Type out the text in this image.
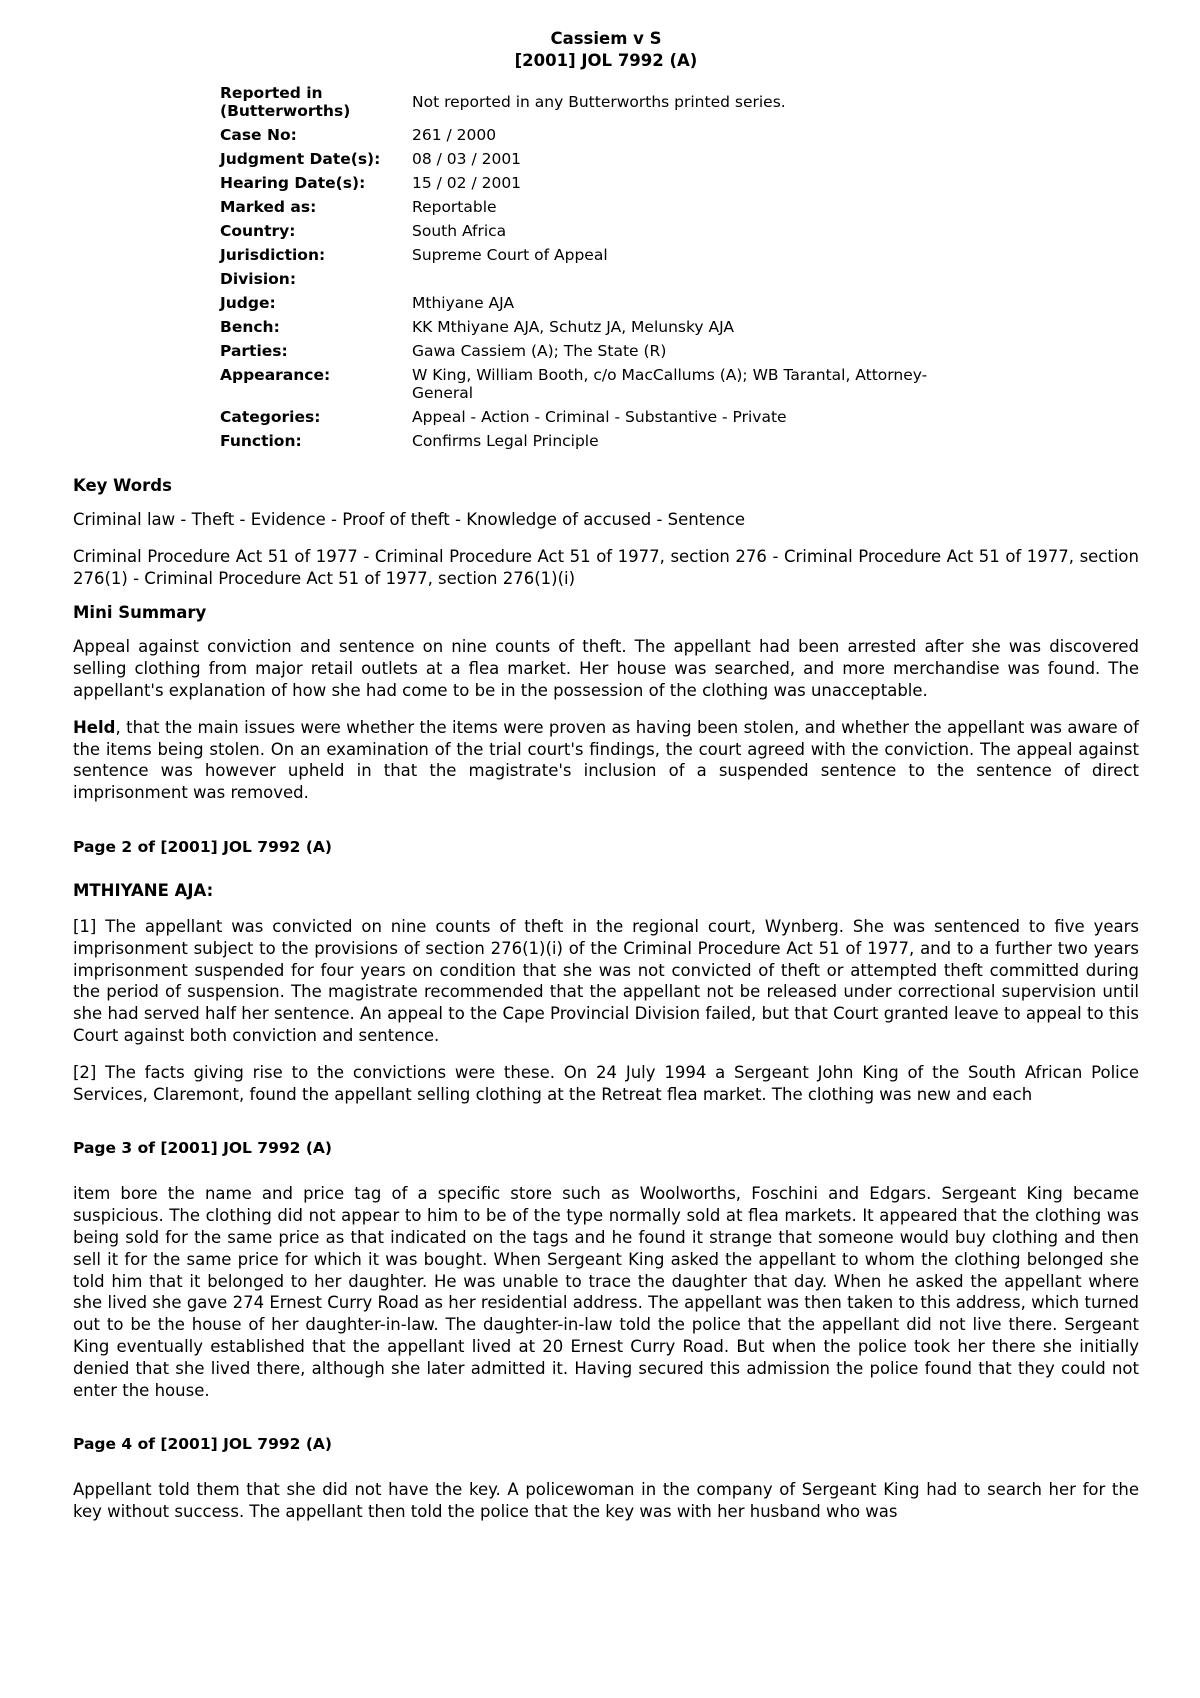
Cassiem v S
[2001] JOL 7992 (A)
Reported in (Butterworths)	Not reported in any Butterworths printed series.
Case No:	261 / 2000
Judgment Date(s):	08 / 03 / 2001
Hearing Date(s):	15 / 02 / 2001
Marked as:	Reportable
Country:	South Africa
Jurisdiction:	Supreme Court of Appeal
Division:	
Judge:	Mthiyane AJA
Bench:	KK Mthiyane AJA, Schutz JA, Melunsky AJA
Parties:	Gawa Cassiem (A); The State (R)
Appearance:	W King, William Booth, c/o MacCallums (A); WB Tarantal, Attorney-General
Categories:	Appeal - Action - Criminal - Substantive - Private
Function:	Confirms Legal Principle
Key Words

Criminal law - Theft - Evidence - Proof of theft - Knowledge of accused - Sentence

Criminal Procedure Act 51 of 1977 - Criminal Procedure Act 51 of 1977, section 276 - Criminal Procedure Act 51 of 1977, section 276(1) - Criminal Procedure Act 51 of 1977, section 276(1)(i)

Mini Summary

Appeal against conviction and sentence on nine counts of theft. The appellant had been arrested after she was discovered selling clothing from major retail outlets at a flea market. Her house was searched, and more merchandise was found. The appellant's explanation of how she had come to be in the possession of the clothing was unacceptable.

Held, that the main issues were whether the items were proven as having been stolen, and whether the appellant was aware of the items being stolen. On an examination of the trial court's findings, the court agreed with the conviction. The appeal against sentence was however upheld in that the magistrate's inclusion of a suspended sentence to the sentence of direct imprisonment was removed.

Page 2 of [2001] JOL 7992 (A)
MTHIYANE AJA:

[1] The appellant was convicted on nine counts of theft in the regional court, Wynberg. She was sentenced to five years imprisonment subject to the provisions of section 276(1)(i) of the Criminal Procedure Act 51 of 1977, and to a further two years imprisonment suspended for four years on condition that she was not convicted of theft or attempted theft committed during the period of suspension. The magistrate recommended that the appellant not be released under correctional supervision until she had served half her sentence. An appeal to the Cape Provincial Division failed, but that Court granted leave to appeal to this Court against both conviction and sentence.

[2] The facts giving rise to the convictions were these. On 24 July 1994 a Sergeant John King of the South African Police Services, Claremont, found the appellant selling clothing at the Retreat flea market. The clothing was new and each

Page 3 of [2001] JOL 7992 (A)

item bore the name and price tag of a specific store such as Woolworths, Foschini and Edgars. Sergeant King became suspicious. The clothing did not appear to him to be of the type normally sold at flea markets. It appeared that the clothing was being sold for the same price as that indicated on the tags and he found it strange that someone would buy clothing and then sell it for the same price for which it was bought. When Sergeant King asked the appellant to whom the clothing belonged she told him that it belonged to her daughter. He was unable to trace the daughter that day. When he asked the appellant where she lived she gave 274 Ernest Curry Road as her residential address. The appellant was then taken to this address, which turned out to be the house of her daughter-in-law. The daughter-in-law told the police that the appellant did not live there. Sergeant King eventually established that the appellant lived at 20 Ernest Curry Road. But when the police took her there she initially denied that she lived there, although she later admitted it. Having secured this admission the police found that they could not enter the house.

Page 4 of [2001] JOL 7992 (A)

Appellant told them that she did not have the key. A policewoman in the company of Sergeant King had to search her for the key without success. The appellant then told the police that the key was with her husband who was
